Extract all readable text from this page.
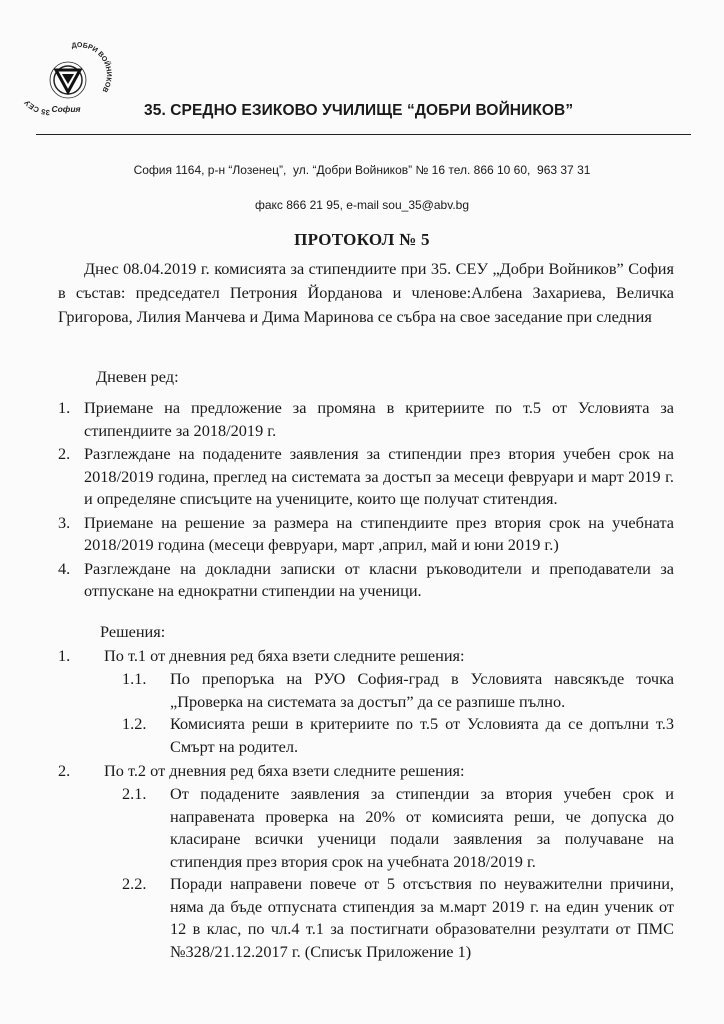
35 СЕУ
ДОБРИ ВОЙНИКОВ
София	35. СРЕДНО ЕЗИКОВО УЧИЛИЩЕ “ДОБРИ ВОЙНИКОВ”
София 1164, р-н “Лозенец”,  ул. “Добри Войников” № 16 тел. 866 10 60,  963 37 31
факс 866 21 95, e-mail sou_35@abv.bg
ПРОТОКОЛ № 5
Днес 08.04.2019 г. комисията за стипендиите при 35. СЕУ „Добри Войников” София в състав: председател Петрония Йорданова и членове:Албена Захариева, Величка Григорова, Лилия Манчева и Дима Маринова се събра на свое заседание при следния
Дневен ред:
1. Приемане на предложение за промяна в критериите по т.5 от Условията за стипендиите за 2018/2019 г.
2. Разглеждане на подадените заявления за стипендии през втория учебен срок на 2018/2019 година, преглед на системата за достъп за месеци февруари и март 2019 г. и определяне списъците на учениците, които ще получат ститендия.
3. Приемане на решение за размера на стипендиите през втория срок на учебната 2018/2019 година (месеци февруари, март ,април, май и юни 2019 г.)
4. Разглеждане на докладни записки от класни ръководители и преподаватели за отпускане на еднократни стипендии на ученици.
Решения:
1. По т.1 от дневния ред бяха взети следните решения:
1.1. По препоръка на РУО София-град в Условията навсякъде точка „Проверка на системата за достъп” да се разпише пълно.
1.2. Комисията реши в критериите по т.5 от Условията да се допълни т.3 Смърт на родител.
2. По т.2 от дневния ред бяха взети следните решения:
2.1. От подадените заявления за стипендии за втория учебен срок и направената проверка на 20% от комисията реши, че допуска до класиране всички ученици подали заявления за получаване на стипендия през втория срок на учебната 2018/2019 г.
2.2. Поради направени повече от 5 отсъствия по неуважителни причини, няма да бъде отпусната стипендия за м.март 2019 г. на един ученик от 12 в клас, по чл.4 т.1 за постигнати образователни резултати от ПМС №328/21.12.2017 г. (Списък Приложение 1)
